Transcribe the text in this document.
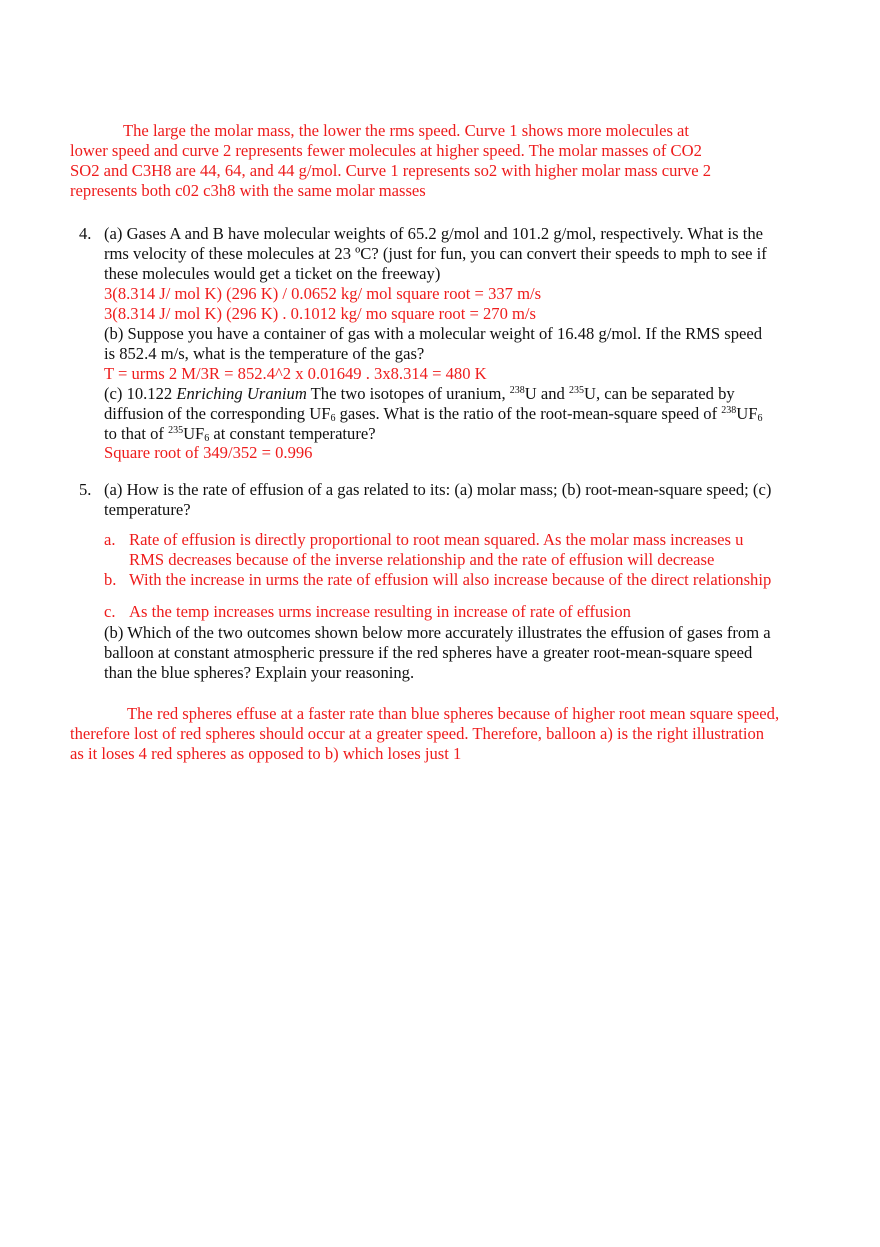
The large the molar mass, the lower the rms speed. Curve 1 shows more molecules at
lower speed and curve 2 represents fewer molecules at higher speed. The molar masses of CO2
SO2 and C3H8 are 44, 64, and 44 g/mol. Curve 1 represents so2 with higher molar mass curve 2
represents both c02 c3h8 with the same molar masses
4. (a) Gases A and B have molecular weights of 65.2 g/mol and 101.2 g/mol, respectively. What is the
rms velocity of these molecules at 23 ºC? (just for fun, you can convert their speeds to mph to see if
these molecules would get a ticket on the freeway)
3(8.314 J/ mol K) (296 K) / 0.0652 kg/ mol square root = 337 m/s
3(8.314 J/ mol K) (296 K) . 0.1012 kg/ mo square root = 270 m/s
(b) Suppose you have a container of gas with a molecular weight of 16.48 g/mol. If the RMS speed
is 852.4 m/s, what is the temperature of the gas?
T = urms 2 M/3R = 852.4^2 x 0.01649 . 3x8.314 = 480 K
(c) 10.122 Enriching Uranium The two isotopes of uranium, $^{238}$U and $^{235}$U, can be separated by
diffusion of the corresponding $UF_6$ gases. What is the ratio of the root-mean-square speed of $^{238}UF_6$
to that of $^{235}UF_6$ at constant temperature?
Square root of 349/352 = 0.996
5. (a) How is the rate of effusion of a gas related to its: (a) molar mass; (b) root-mean-square speed; (c)
temperature?
a. Rate of effusion is directly proportional to root mean squared. As the molar mass increases u
RMS decreases because of the inverse relationship and the rate of effusion will decrease
b. With the increase in urms the rate of effusion will also increase because of the direct relationship
c. As the temp increases urms increase resulting in increase of rate of effusion
(b) Which of the two outcomes shown below more accurately illustrates the effusion of gases from a
balloon at constant atmospheric pressure if the red spheres have a greater root-mean-square speed
than the blue spheres? Explain your reasoning.
The red spheres effuse at a faster rate than blue spheres because of higher root mean square speed,
therefore lost of red spheres should occur at a greater speed. Therefore, balloon a) is the right illustration
as it loses 4 red spheres as opposed to b) which loses just 1
